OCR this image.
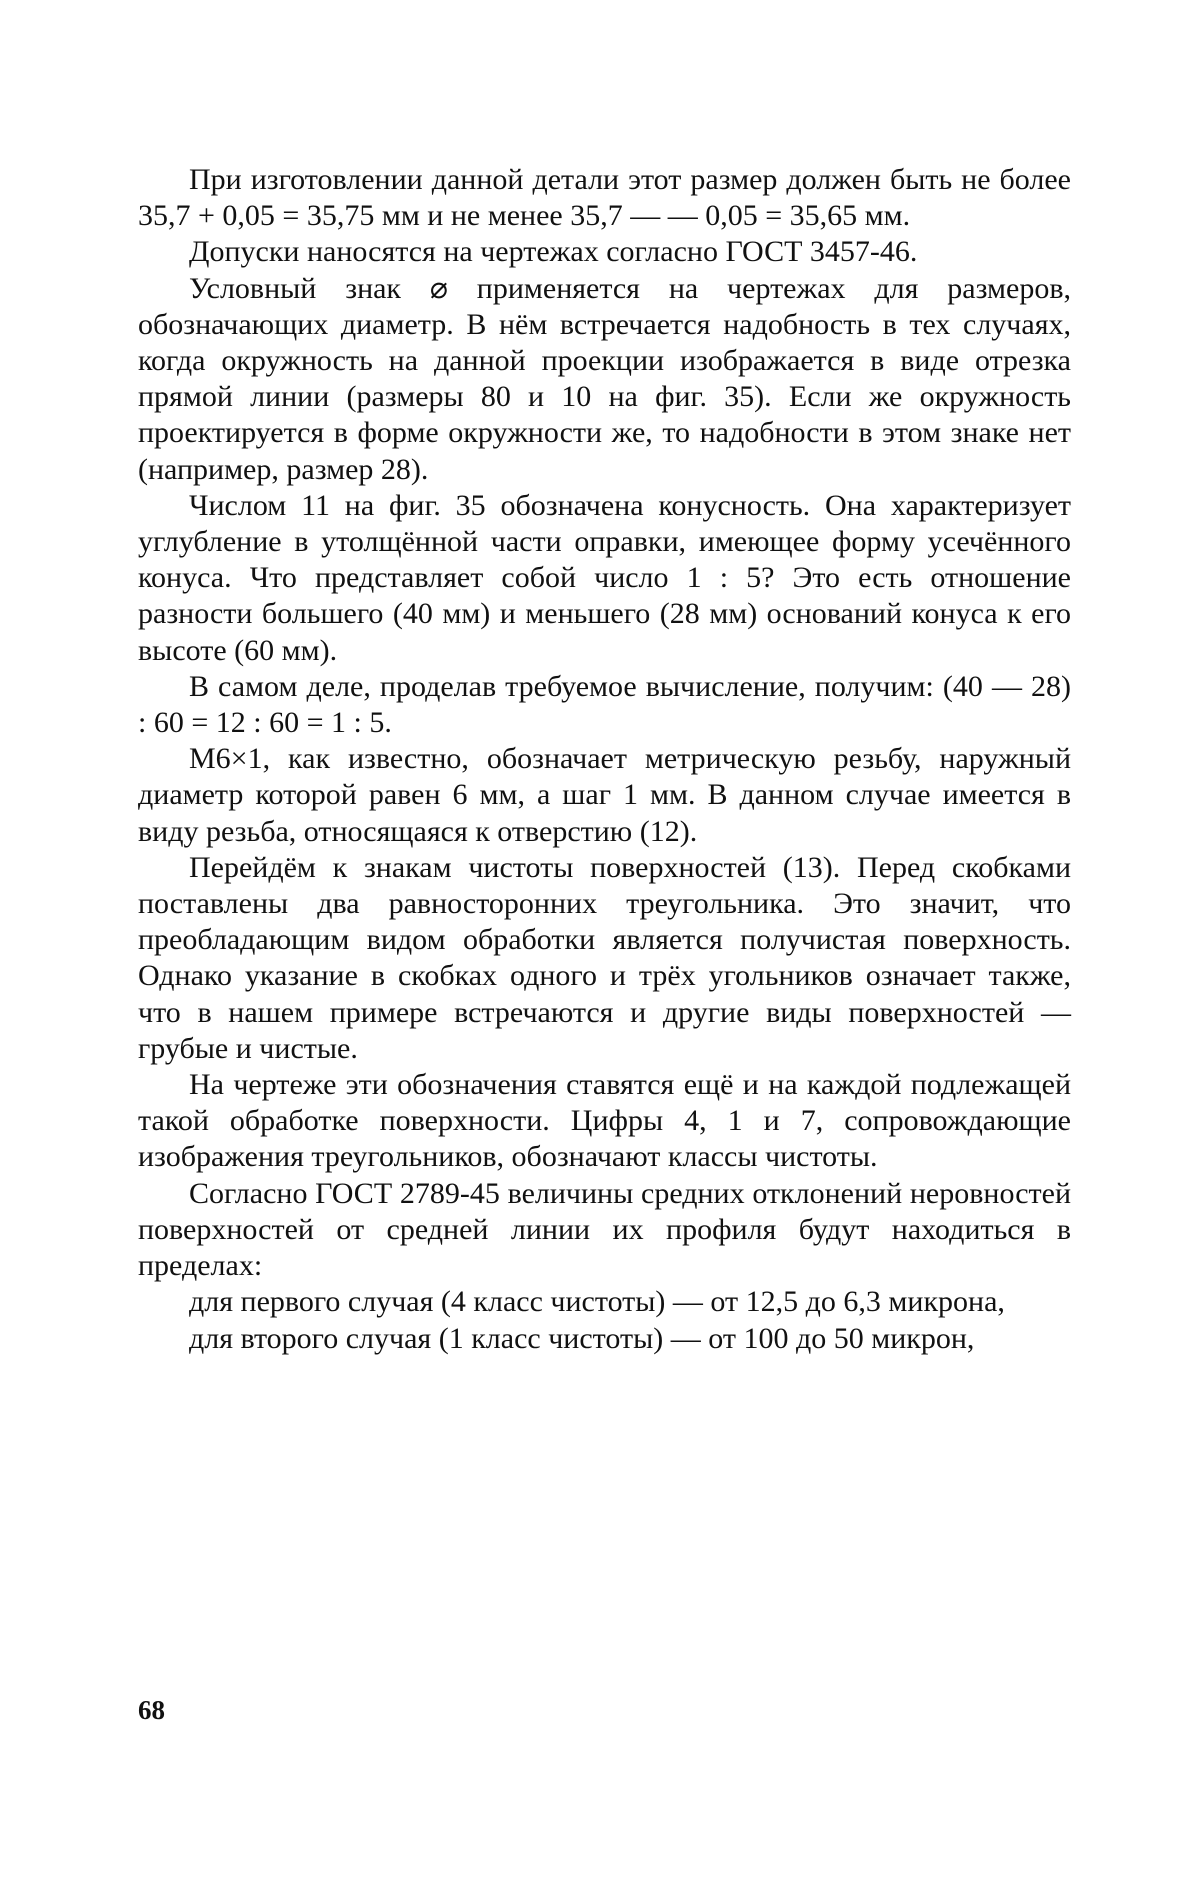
При изготовлении данной детали этот размер должен быть не более 35,7 + 0,05 = 35,75 мм и не менее 35,7 — — 0,05 = 35,65 мм.

Допуски наносятся на чертежах согласно ГОСТ 3457-46.

Условный знак ⌀ применяется на чертежах для размеров, обозначающих диаметр. В нём встречается надобность в тех случаях, когда окружность на данной проекции изображается в виде отрезка прямой линии (размеры 80 и 10 на фиг. 35). Если же окружность проектируется в форме окружности же, то надобности в этом знаке нет (например, размер 28).

Числом 11 на фиг. 35 обозначена конусность. Она характеризует углубление в утолщённой части оправки, имеющее форму усечённого конуса. Что представляет собой число 1 : 5? Это есть отношение разности большего (40 мм) и меньшего (28 мм) оснований конуса к его высоте (60 мм).

В самом деле, проделав требуемое вычисление, получим: (40 — 28) : 60 = 12 : 60 = 1 : 5.

М6×1, как известно, обозначает метрическую резьбу, наружный диаметр которой равен 6 мм, а шаг 1 мм. В данном случае имеется в виду резьба, относящаяся к отверстию (12).

Перейдём к знакам чистоты поверхностей (13). Перед скобками поставлены два равносторонних треугольника. Это значит, что преобладающим видом обработки является получистая поверхность. Однако указание в скобках одного и трёх угольников означает также, что в нашем примере встречаются и другие виды поверхностей — грубые и чистые.

На чертеже эти обозначения ставятся ещё и на каждой подлежащей такой обработке поверхности. Цифры 4, 1 и 7, сопровождающие изображения треугольников, обозначают классы чистоты.

Согласно ГОСТ 2789-45 величины средних отклонений неровностей поверхностей от средней линии их профиля будут находиться в пределах:

для первого случая (4 класс чистоты) — от 12,5 до 6,3 микрона,

для второго случая (1 класс чистоты) — от 100 до 50 микрон,

68
